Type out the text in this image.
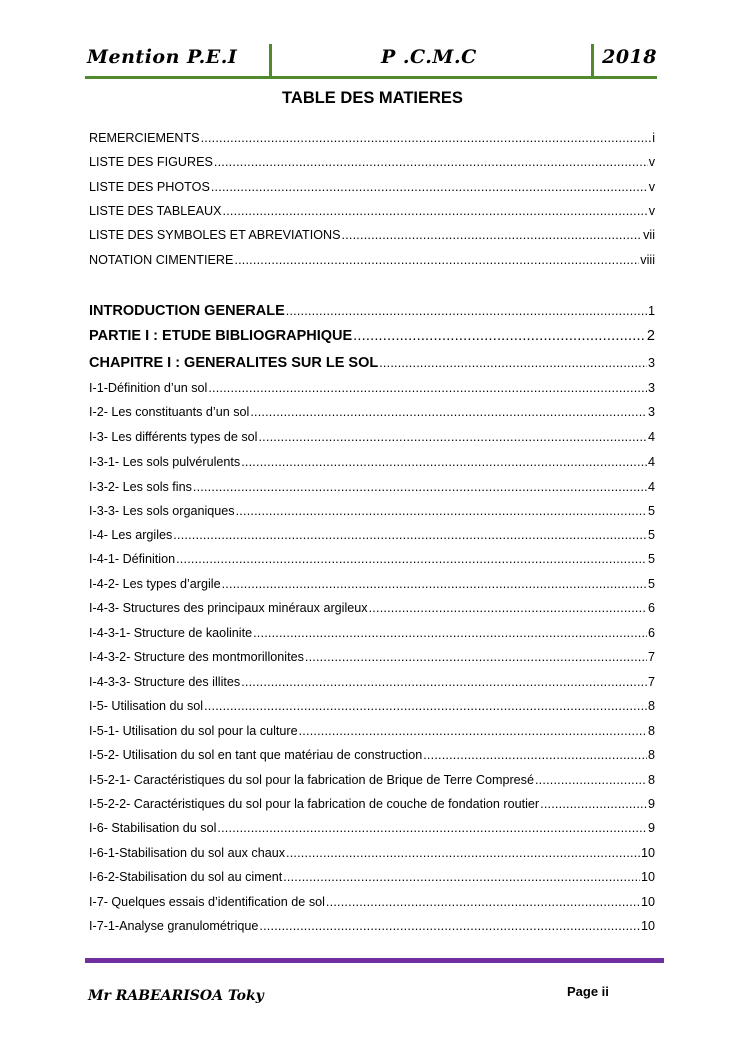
Mention P.E.I	P .C.M.C	2018
TABLE DES MATIERES
REMERCIEMENTS .....	i
LISTE DES FIGURES .....	v
LISTE DES PHOTOS .....	v
LISTE DES TABLEAUX .....	v
LISTE DES SYMBOLES ET ABREVIATIONS .....	vii
NOTATION CIMENTIERE .....	viii
INTRODUCTION GENERALE .....	1
PARTIE I : ETUDE BIBLIOGRAPHIQUE .....	2
CHAPITRE I : GENERALITES SUR LE SOL .....	3
I-1-Définition d’un sol .....	3
I-2- Les constituants d’un sol .....	3
I-3- Les différents types de sol .....	4
I-3-1- Les sols pulvérulents .....	4
I-3-2- Les sols fins .....	4
I-3-3- Les sols organiques .....	5
I-4- Les argiles .....	5
I-4-1- Définition .....	5
I-4-2- Les types d’argile .....	5
I-4-3- Structures des principaux minéraux argileux .....	6
I-4-3-1- Structure de kaolinite .....	6
I-4-3-2- Structure des montmorillonites .....	7
I-4-3-3- Structure des illites .....	7
I-5- Utilisation du sol .....	8
I-5-1- Utilisation du sol pour la culture .....	8
I-5-2- Utilisation du sol en tant que matériau de construction .....	8
I-5-2-1- Caractéristiques du sol pour la fabrication de Brique de Terre Compresé .....	8
I-5-2-2- Caractéristiques du sol pour la fabrication de couche de fondation routier .....	9
I-6- Stabilisation du sol .....	9
I-6-1-Stabilisation du sol aux chaux .....	10
I-6-2-Stabilisation du sol au ciment .....	10
I-7- Quelques essais d’identification de sol .....	10
I-7-1-Analyse granulométrique .....	10
Mr RABEARISOA Toky	Page ii
